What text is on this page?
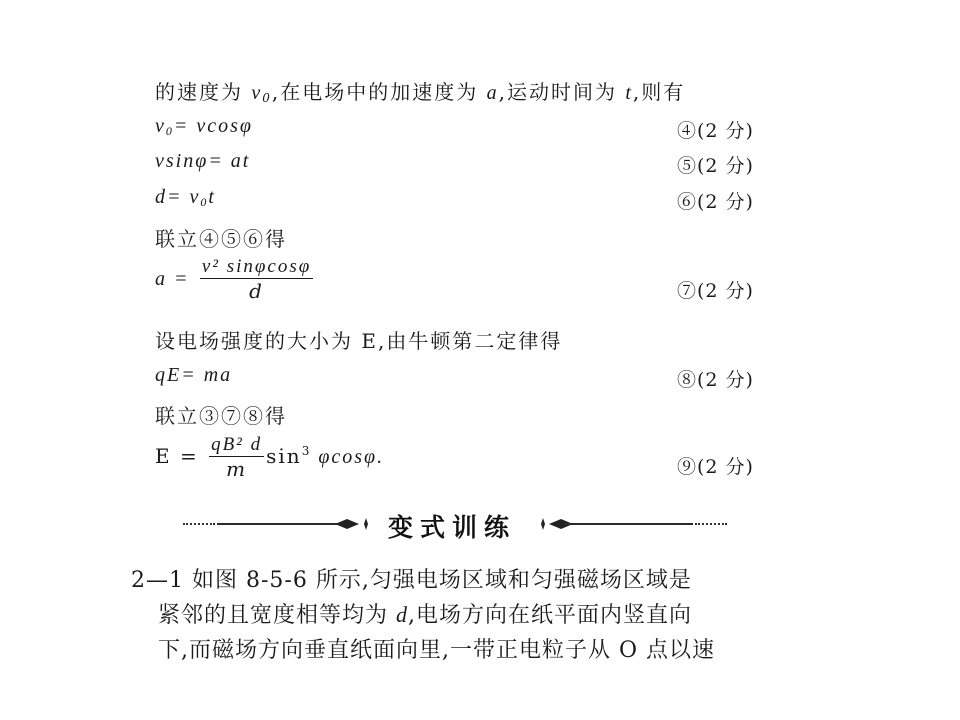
的速度为 $v_0$,在电场中的加速度为 a,运动时间为 t,则有
$v_0= vcos\varphi$	④(2 分)
vsinφ= at	⑤(2 分)
$d= v_0t$	⑥(2 分)
联立④⑤⑥得
$a = \frac{\text{v² sinφcosφ}}{d}$	⑦(2 分)
设电场强度的大小为 E,由牛顿第二定律得
qE= ma	⑧(2 分)
联立③⑦⑧得
$E = \frac{\text{qB² d}}{m} \sin^3 \varphi\cos\varphi$.	⑨(2 分)
变式训练
2—1 如图 8-5-6 所示,匀强电场区域和匀强磁场区域是
紧邻的且宽度相等均为 d,电场方向在纸平面内竖直向
下,而磁场方向垂直纸面向里,一带正电粒子从 O 点以速
